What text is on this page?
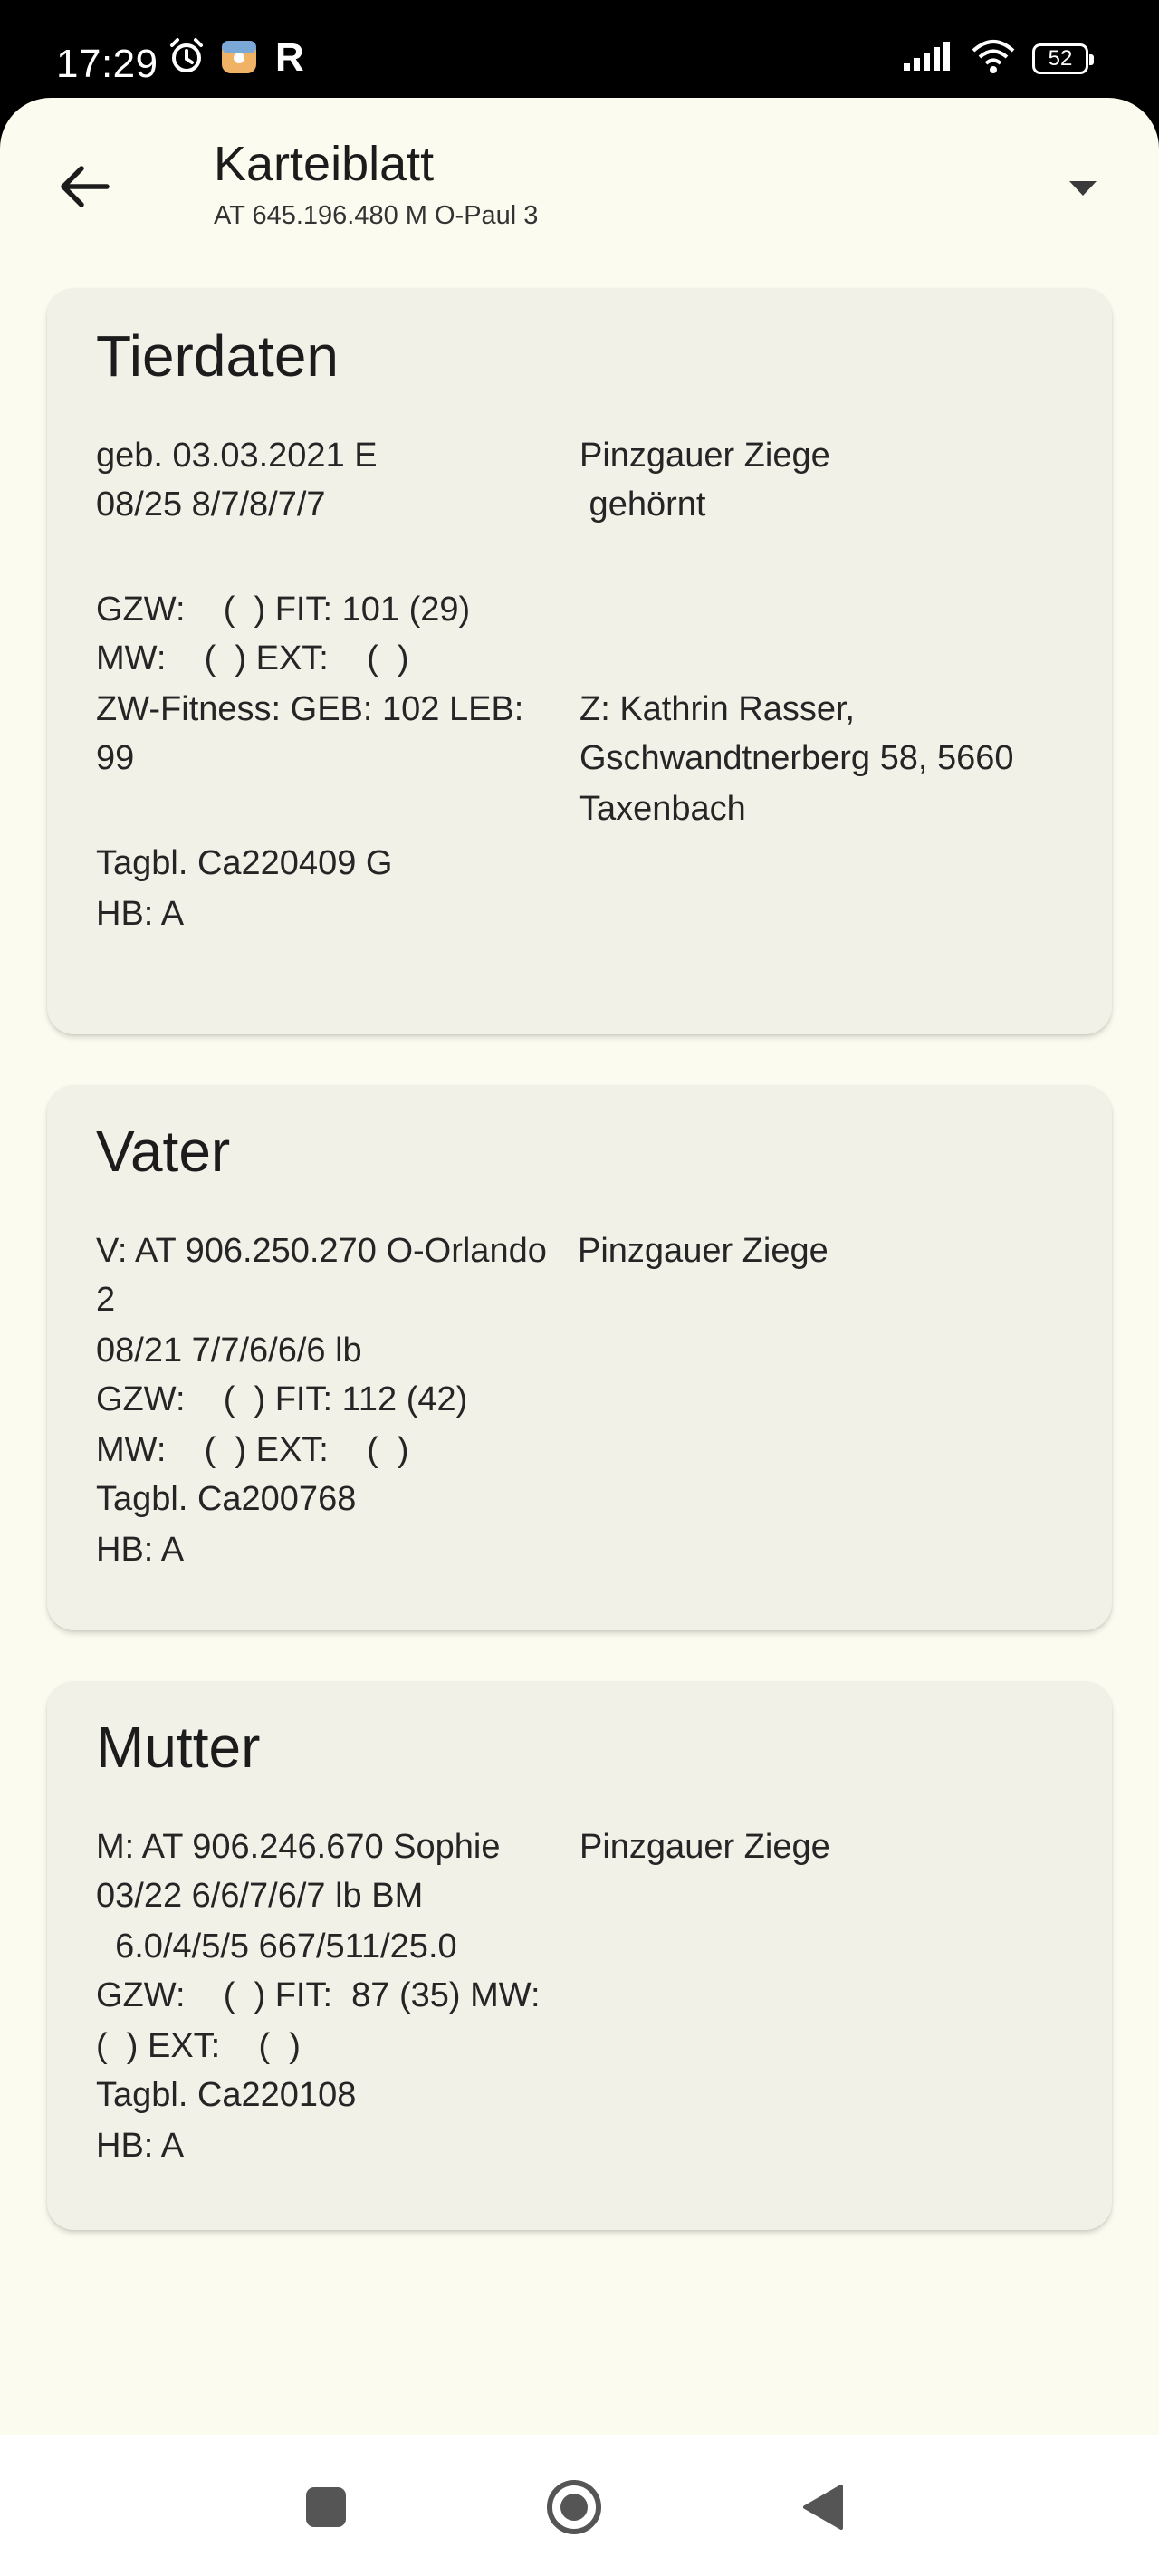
17:29	R	52
Karteiblatt
AT 645.196.480 M O-Paul 3
Tierdaten
geb. 03.03.2021 E	Pinzgauer Ziege
08/25 8/7/8/7/7	gehörnt
GZW:    (  ) FIT: 101 (29)
MW:    (  ) EXT:    (  )
ZW-Fitness: GEB: 102 LEB:
99
Z: Kathrin Rasser,
Gschwandtnerberg 58, 5660
Taxenbach
Tagbl. Ca220409 G
HB: A
Vater
V: AT 906.250.270 O-Orlando Pinzgauer Ziege
2
08/21 7/7/6/6/6 lb
GZW:    (  ) FIT: 112 (42)
MW:    (  ) EXT:    (  )
Tagbl. Ca200768
HB: A
Mutter
M: AT 906.246.670 Sophie Pinzgauer Ziege
03/22 6/6/7/6/7 lb BM
6.0/4/5/5 667/511/25.0
GZW:    (  ) FIT:  87 (35) MW:
(  ) EXT:    (  )
Tagbl. Ca220108
HB: A
